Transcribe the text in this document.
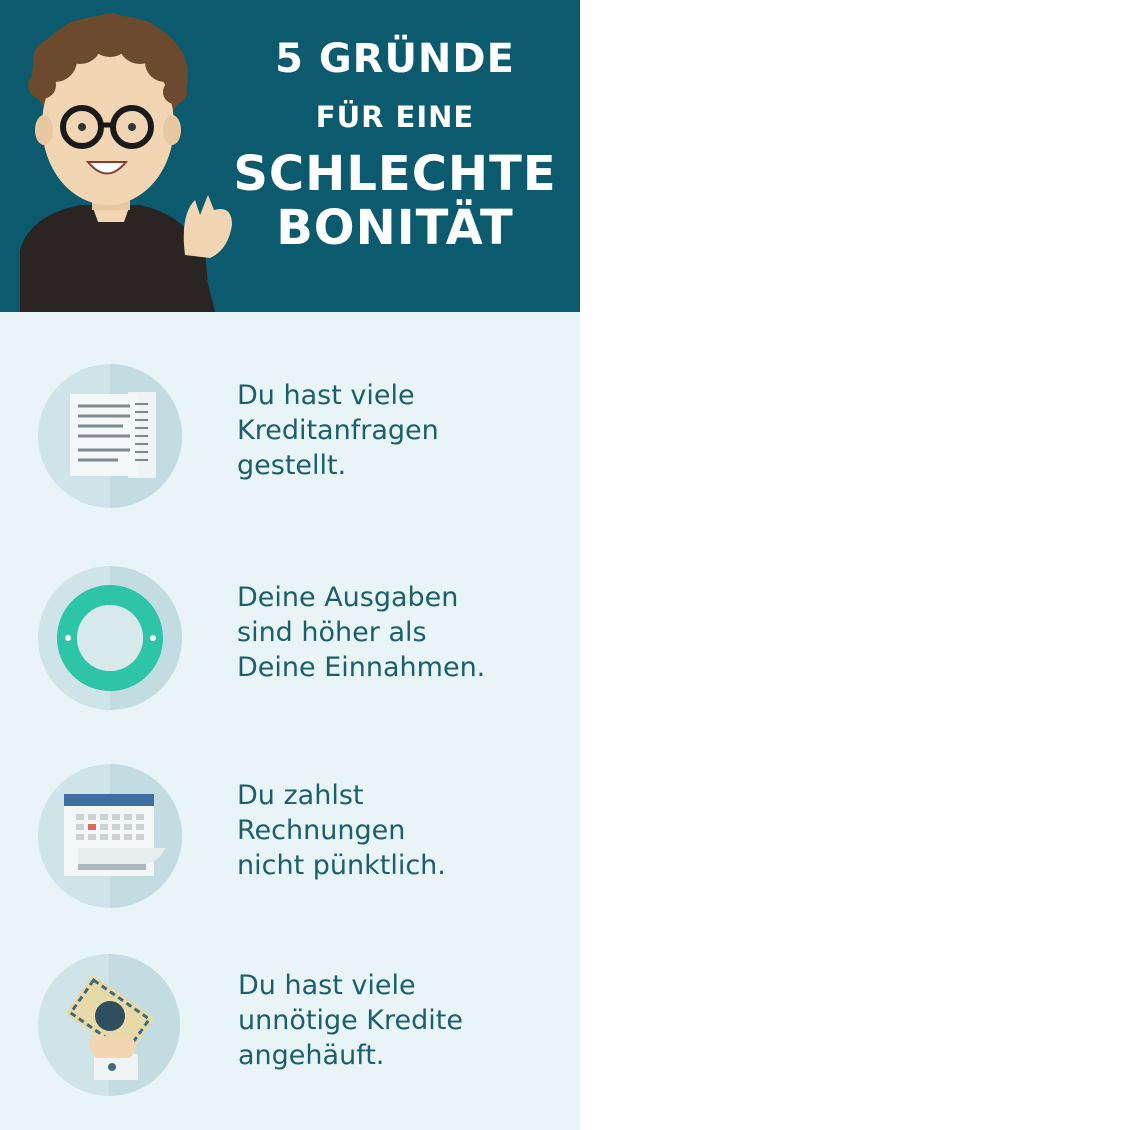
5 GRÜNDE
FÜR EINE
SCHLECHTE
BONITÄT
Du hast viele
Kreditanfragen
gestellt.
Deine Ausgaben
sind höher als
Deine Einnahmen.
Du zahlst
Rechnungen
nicht pünktlich.
Du hast viele
unnötige Kredite
angehäuft.
